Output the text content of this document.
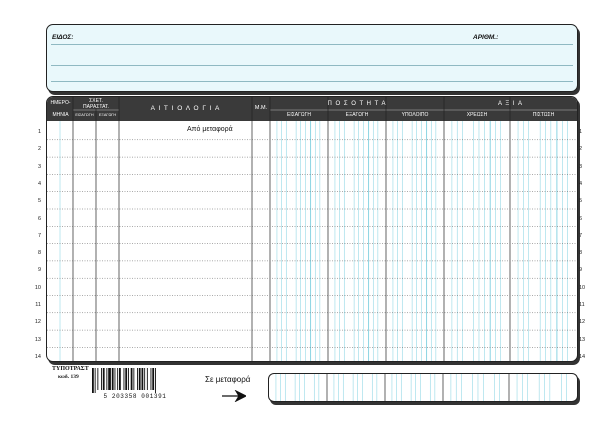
ΕΙΔΟΣ:	ΑΡΙΘΜ.:
ΗΜΕΡΟ-
ΜΗΝΙΑ
ΣΧΕΤ.
ΠΑΡΑΣΤΑΤ.
ΕΙΣΑΓΩΓΗ	ΕΞΑΓΩΓΗ
Α Ι Τ Ι Ο Λ Ο Γ Ι Α	Μ.Μ.
Π Ο Σ Ο Τ Η Τ Α
ΕΙΣΑΓΩΓΗ	ΕΞΑΓΩΓΗ	ΥΠΟΛΟΙΠΟ
Α Ξ Ι Α
ΧΡΕΩΣΗ	ΠΙΣΤΩΣΗ
Από μεταφορά
ΤΥΠΟΤΡΑΣΤ
κωδ. 139
5 203358 001391
Σε μεταφορά
1	1
2	2
3	3
4	4
5	5
6	6
7	7
8	8
9	9
10	10
11	11
12	12
13	13
14	14
